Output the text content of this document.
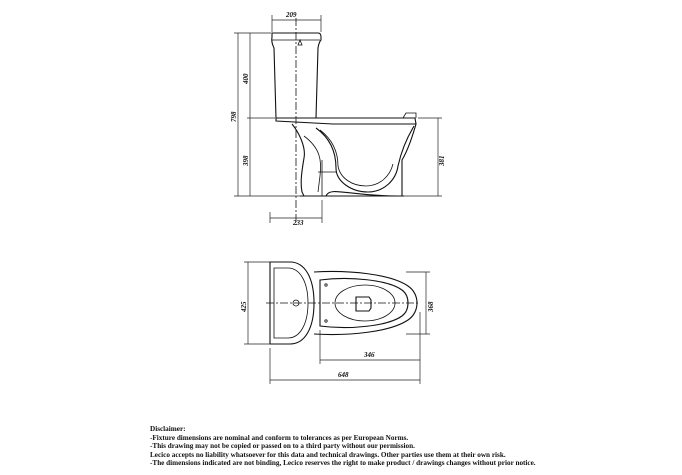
209
798
400
398	381
233
425	368
346
648
Disclaimer:
-Fixture dimensions are nominal and conform to tolerances as per European Norms.
-This drawing may not be copied or passed on to a third party without our permission.
Lecico accepts no liability whatsoever for this data and technical drawings. Other parties use them at their own risk.
-The dimensions indicated are not binding, Lecico reserves the right to make product / drawings changes without prior notice.
